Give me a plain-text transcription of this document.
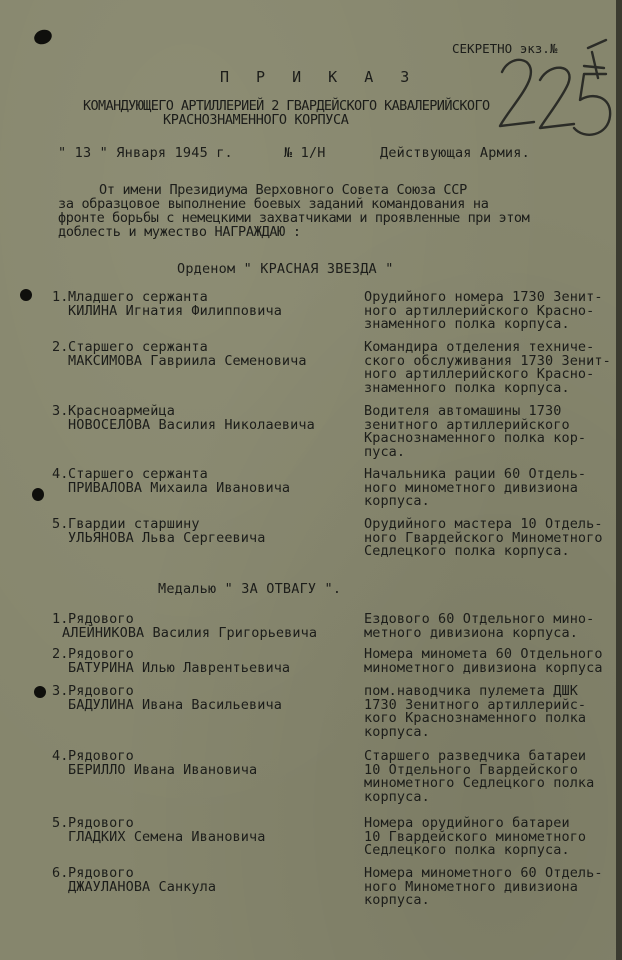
СЕКРЕТНО экз.№
П Р И К А З
КОМАНДУЮЩЕГО АРТИЛЛЕРИЕЙ 2 ГВАРДЕЙСКОГО КАВАЛЕРИЙСКОГО
КРАСНОЗНАМЕННОГО КОРПУСА
" 13 " Января 1945 г.	№ 1/Н	Действующая Армия.
От имени Президиума Верховного Совета Союза ССР
за образцовое выполнение боевых заданий командования на
фронте борьбы с немецкими захватчиками и проявленные при этом
доблесть и мужество НАГРАЖДАЮ :
Орденом " КРАСНАЯ ЗВЕЗДА "
1. Младшего сержанта
КИЛИНА Игнатия Филипповича
Орудийного номера 1730 Зенит-
ного артиллерийского Красно-
знаменного полка корпуса.
2. Старшего сержанта
МАКСИМОВА Гавриила Семеновича
Командира отделения техниче-
ского обслуживания 1730 Зенит-
ного артиллерийского Красно-
знаменного полка корпуса.
3. Красноармейца
НОВОСЕЛОВА Василия Николаевича
Водителя автомашины 1730
зенитного артиллерийского
Краснознаменного полка кор-
пуса.
4. Старшего сержанта
ПРИВАЛОВА Михаила Ивановича
Начальника рации 60 Отдель-
ного минометного дивизиона
корпуса.
5. Гвардии старшину
УЛЬЯНОВА Льва Сергеевича
Орудийного мастера 10 Отдель-
ного Гвардейского Минометного
Седлецкого полка корпуса.
Медалью " ЗА ОТВАГУ ".
1. Рядового
АЛЕЙНИКОВА Василия Григорьевича
Ездового 60 Отдельного мино-
метного дивизиона корпуса.
2. Рядового
БАТУРИНА Илью Лаврентьевича
Номера миномета 60 Отдельного
минометного дивизиона корпуса
3. Рядового
БАДУЛИНА Ивана Васильевича
пом.наводчика пулемета ДШК
1730 Зенитного артиллерийс-
кого Краснознаменного полка
корпуса.
4. Рядового
БЕРИЛЛО Ивана Ивановича
Старшего разведчика батареи
10 Отдельного Гвардейского
минометного Седлецкого полка
корпуса.
5. Рядового
ГЛАДКИХ Семена Ивановича
Номера орудийного батареи
10 Гвардейского минометного
Седлецкого полка корпуса.
6. Рядового
ДЖАУЛАНОВА Санкула
Номера минометного 60 Отдель-
ного Минометного дивизиона
корпуса.
